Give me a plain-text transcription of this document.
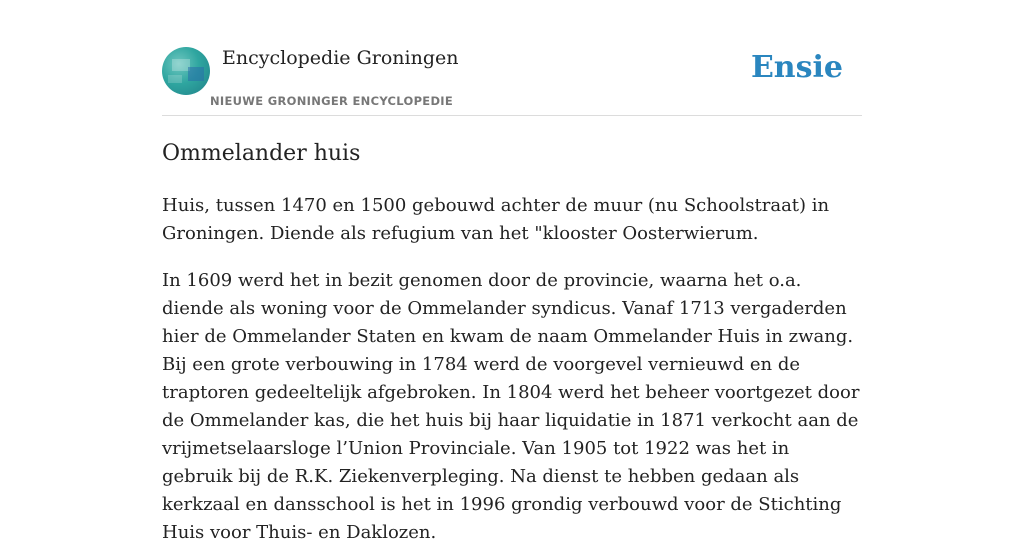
Encyclopedie Groningen
NIEUWE GRONINGER ENCYCLOPEDIE
Ensie
Ommelander huis

Huis, tussen 1470 en 1500 gebouwd achter de muur (nu Schoolstraat) in Groningen. Diende als refugium van het "klooster Oosterwierum.

In 1609 werd het in bezit genomen door de provincie, waarna het o.a. diende als woning voor de Ommelander syndicus. Vanaf 1713 vergaderden hier de Ommelander Staten en kwam de naam Ommelander Huis in zwang. Bij een grote verbouwing in 1784 werd de voorgevel vernieuwd en de traptoren gedeeltelijk afgebroken. In 1804 werd het beheer voortgezet door de Ommelander kas, die het huis bij haar liquidatie in 1871 verkocht aan de vrijmetselaarsloge l’Union Provinciale. Van 1905 tot 1922 was het in gebruik bij de R.K. Ziekenverpleging. Na dienst te hebben gedaan als kerkzaal en dansschool is het in 1996 grondig verbouwd voor de Stichting Huis voor Thuis- en Daklozen.
